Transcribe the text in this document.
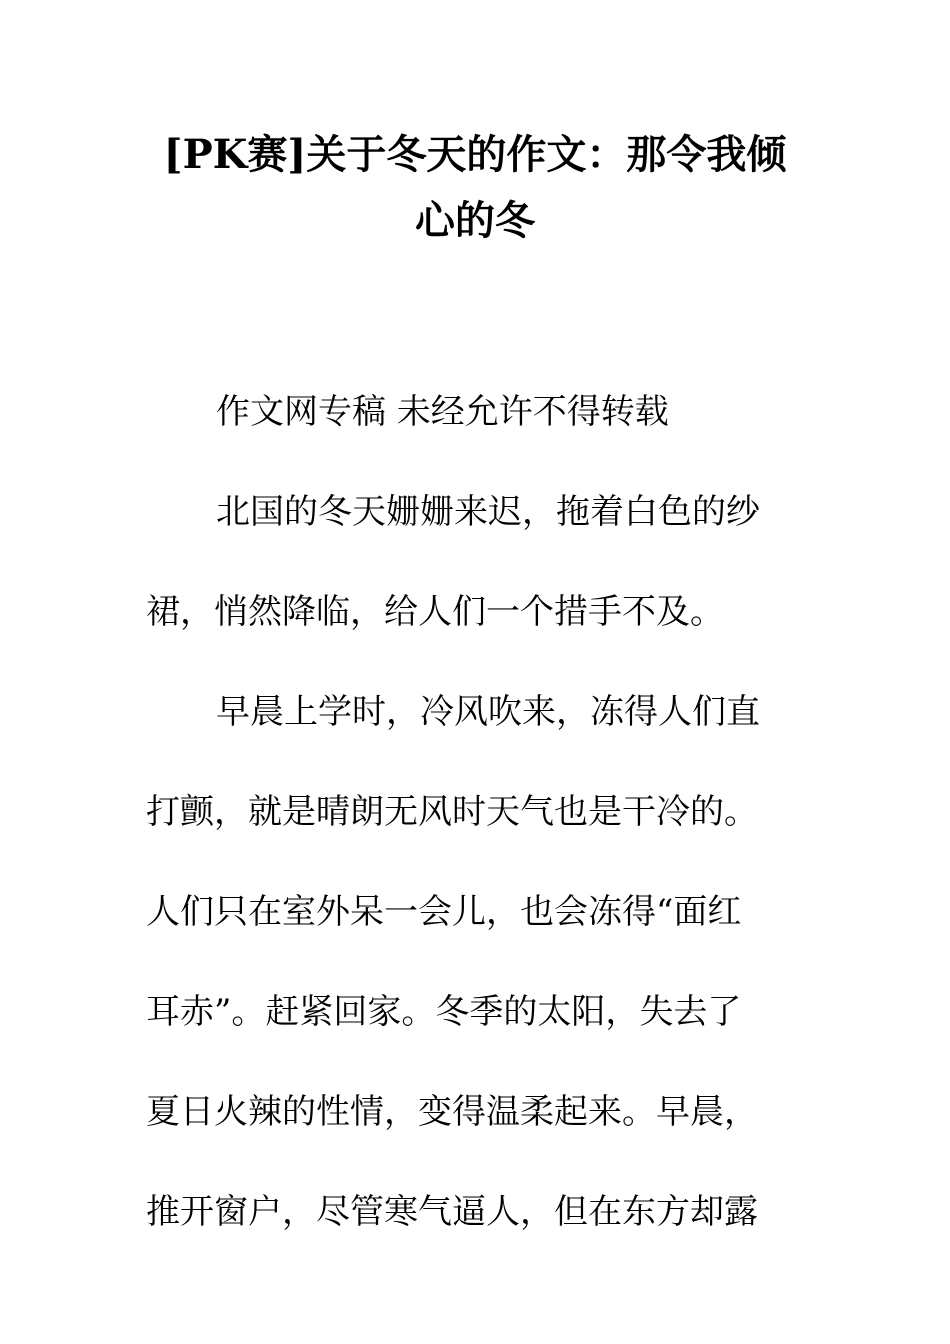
[PK赛]关于冬天的作文：那令我倾
心的冬
作文网专稿 未经允许不得转载
北国的冬天姗姗来迟，拖着白色的纱
裙，悄然降临，给人们一个措手不及。
早晨上学时，冷风吹来，冻得人们直
打颤，就是晴朗无风时天气也是干冷的。
人们只在室外呆一会儿，也会冻得“面红
耳赤”。赶紧回家。冬季的太阳，失去了
夏日火辣的性情，变得温柔起来。早晨，
推开窗户，尽管寒气逼人，但在东方却露
